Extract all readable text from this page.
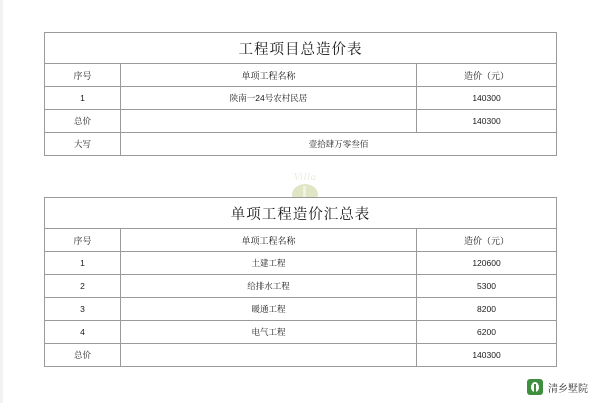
Villa
工程项目总造价表		
序号	单项工程名称	造价（元）
1	陕南一24号农村民居	140300
总价		140300
大写	壹拾肆万零叁佰	
单项工程造价汇总表		
序号	单项工程名称	造价（元）
1	土建工程	120600
2	给排水工程	5300
3	暖通工程	8200
4	电气工程	6200
总价		140300
清乡墅院
